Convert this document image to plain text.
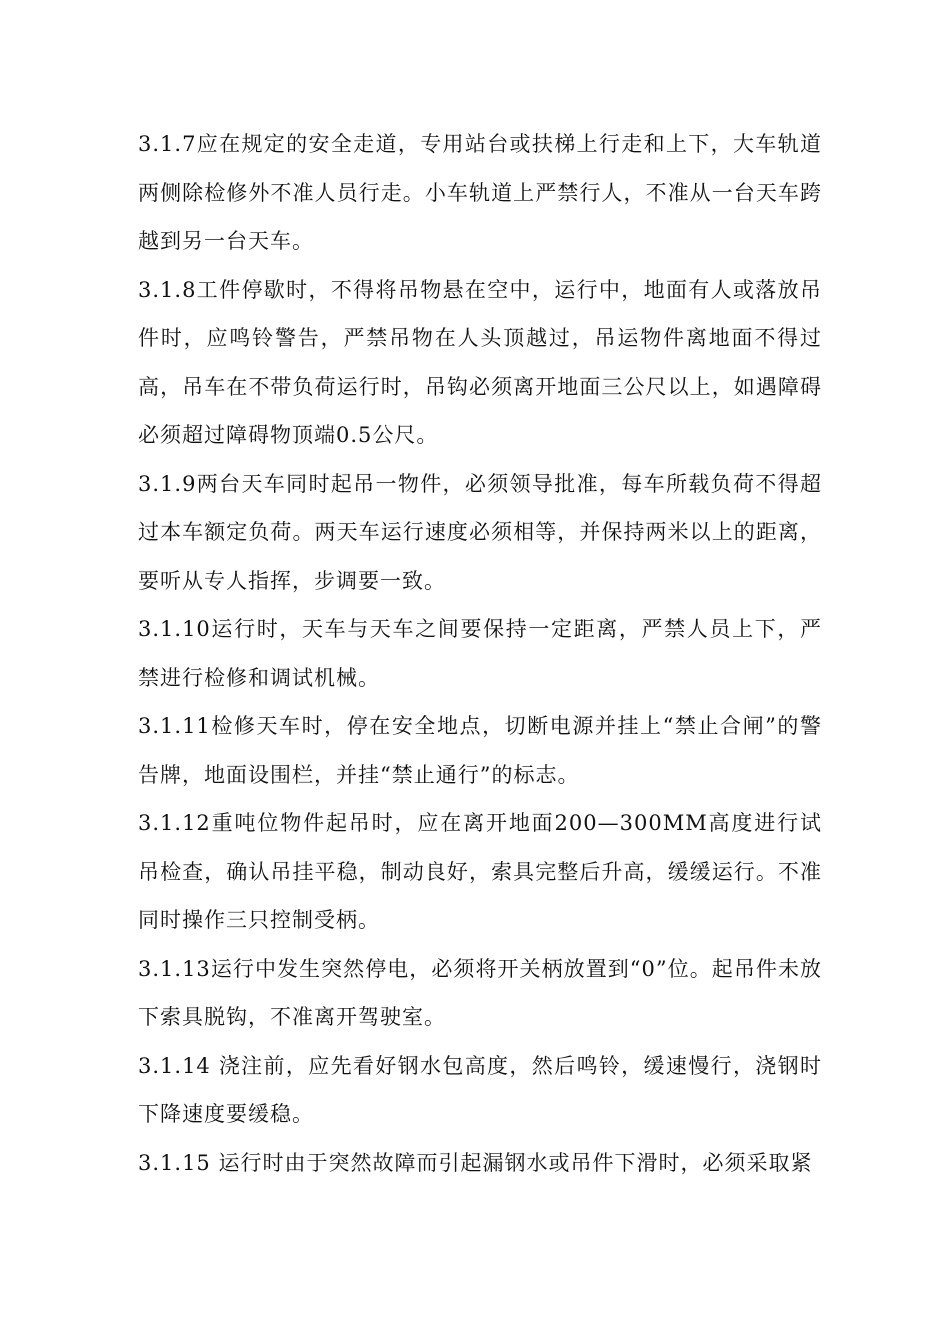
3.1.7应在规定的安全走道，专用站台或扶梯上行走和上下，大车轨道两侧除检修外不准人员行走。小车轨道上严禁行人，不准从一台天车跨越到另一台天车。

3.1.8工件停歇时，不得将吊物悬在空中，运行中，地面有人或落放吊件时，应鸣铃警告，严禁吊物在人头顶越过，吊运物件离地面不得过高，吊车在不带负荷运行时，吊钩必须离开地面三公尺以上，如遇障碍必须超过障碍物顶端0.5公尺。

3.1.9两台天车同时起吊一物件，必须领导批准，每车所载负荷不得超过本车额定负荷。两天车运行速度必须相等，并保持两米以上的距离，要听从专人指挥，步调要一致。

3.1.10运行时，天车与天车之间要保持一定距离，严禁人员上下，严禁进行检修和调试机械。

3.1.11检修天车时，停在安全地点，切断电源并挂上“禁止合闸”的警告牌，地面设围栏，并挂“禁止通行”的标志。

3.1.12重吨位物件起吊时，应在离开地面200—300MM高度进行试吊检查，确认吊挂平稳，制动良好，索具完整后升高，缓缓运行。不准同时操作三只控制受柄。

3.1.13运行中发生突然停电，必须将开关柄放置到“0”位。起吊件未放下索具脱钩，不准离开驾驶室。

3.1.14 浇注前，应先看好钢水包高度，然后鸣铃，缓速慢行，浇钢时下降速度要缓稳。

3.1.15 运行时由于突然故障而引起漏钢水或吊件下滑时，必须采取紧
